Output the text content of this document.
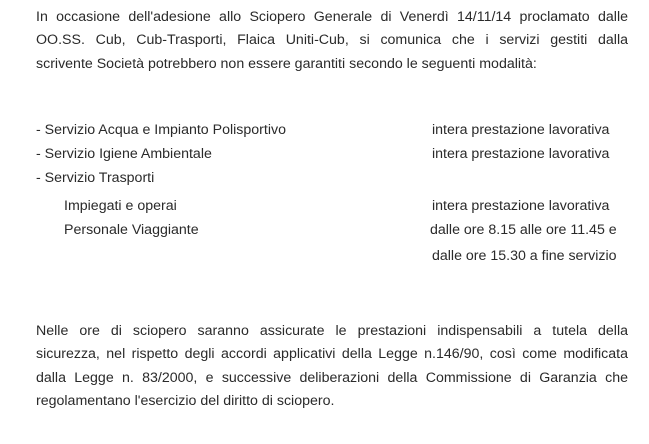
In occasione dell'adesione allo Sciopero Generale di Venerdì 14/11/14 proclamato dalle
OO.SS. Cub, Cub-Trasporti, Flaica Uniti-Cub, si comunica che i servizi gestiti dalla
scrivente Società potrebbero non essere garantiti secondo le seguenti modalità:
- Servizio Acqua e Impianto Polisportivo	intera prestazione lavorativa
- Servizio Igiene Ambientale	intera prestazione lavorativa
- Servizio Trasporti
Impiegati e operai	intera prestazione lavorativa
Personale Viaggiante	dalle ore 8.15 alle ore 11.45 e
dalle ore 15.30 a fine servizio
Nelle ore di sciopero saranno assicurate le prestazioni indispensabili a tutela della
sicurezza, nel rispetto degli accordi applicativi della Legge n.146/90, così come modificata
dalla Legge n. 83/2000, e successive deliberazioni della Commissione di Garanzia che
regolamentano l'esercizio del diritto di sciopero.
